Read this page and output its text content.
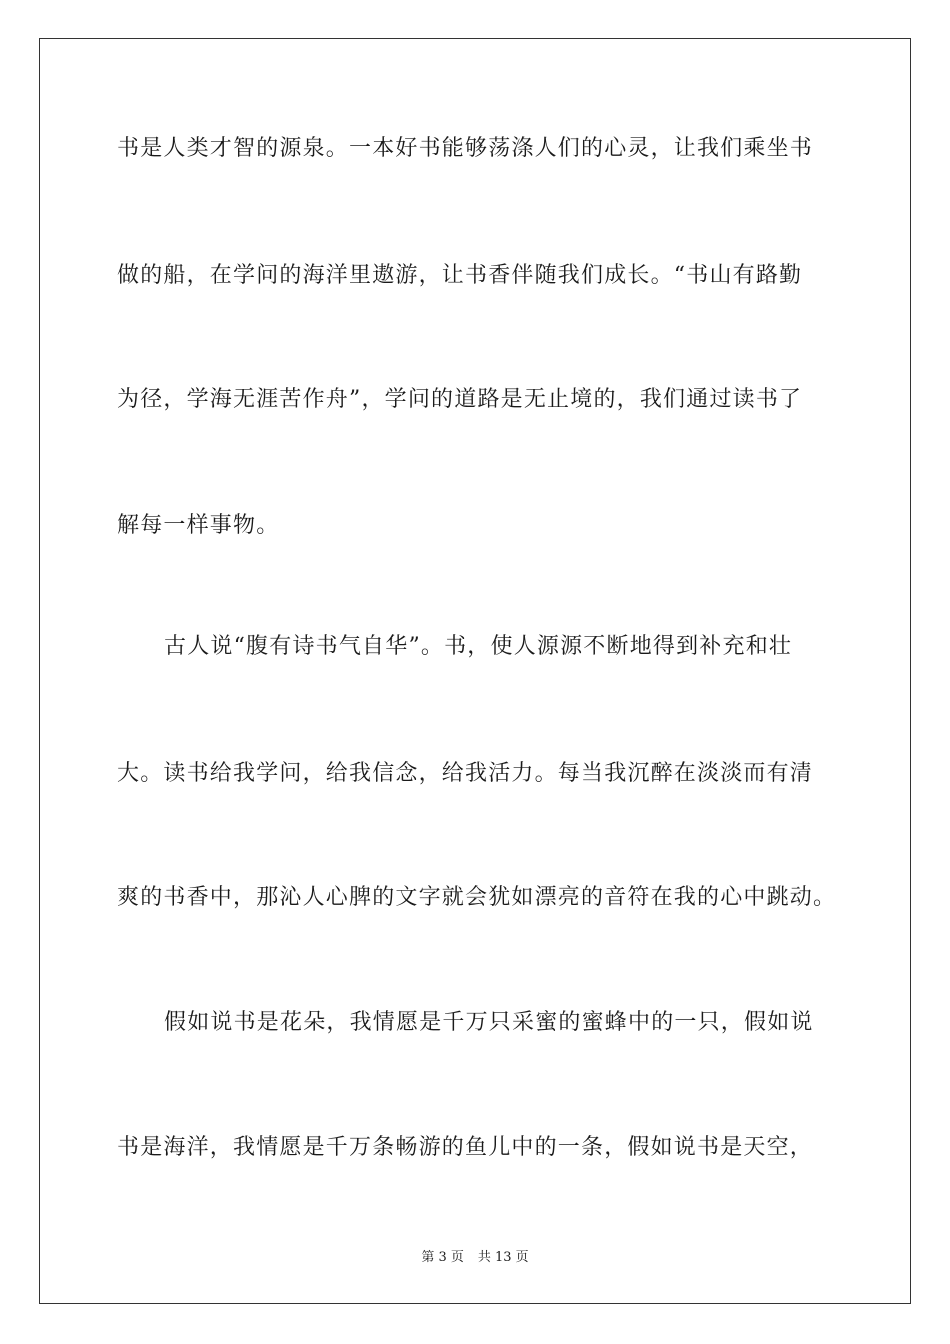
书是人类才智的源泉。一本好书能够荡涤人们的心灵，让我们乘坐书
做的船，在学问的海洋里遨游，让书香伴随我们成长。“书山有路勤
为径，学海无涯苦作舟”，学问的道路是无止境的，我们通过读书了
解每一样事物。
古人说“腹有诗书气自华”。书，使人源源不断地得到补充和壮
大。读书给我学问，给我信念，给我活力。每当我沉醉在淡淡而有清
爽的书香中，那沁人心脾的文字就会犹如漂亮的音符在我的心中跳动。
假如说书是花朵，我情愿是千万只采蜜的蜜蜂中的一只，假如说
书是海洋，我情愿是千万条畅游的鱼儿中的一条，假如说书是天空，
第 3 页 共 13 页
